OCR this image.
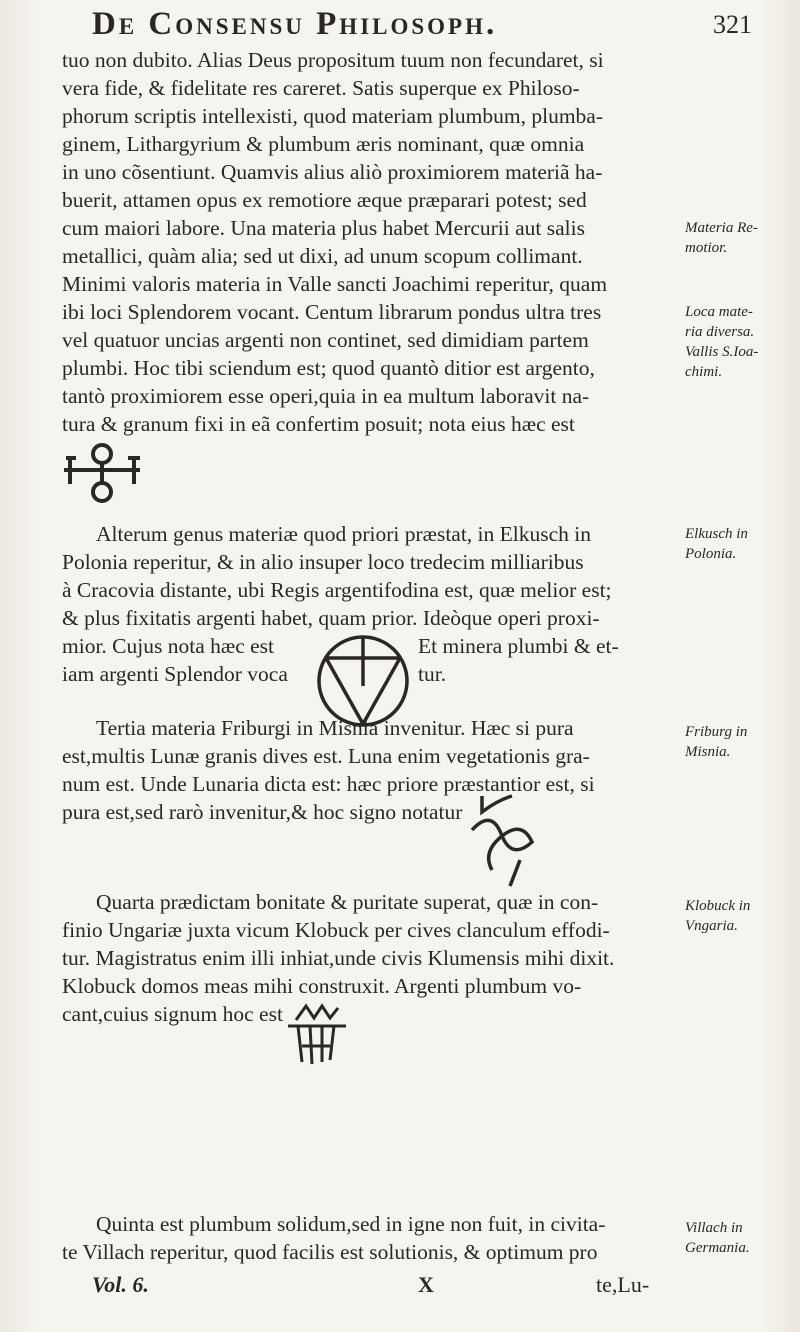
De Consensu Philosoph.	321
tuo non dubito. Alias Deus propositum tuum non fecundaret, si
vera fide, & fidelitate res careret. Satis superque ex Philoso-
phorum scriptis intellexisti, quod materiam plumbum, plumba-
ginem, Lithargyrium & plumbum æris nominant, quæ omnia
in uno cõsentiunt. Quamvis alius aliò proximiorem materiã ha-
buerit, attamen opus ex remotiore æque præparari potest; sed
cum maiori labore. Una materia plus habet Mercurii aut salis
metallici, quàm alia; sed ut dixi, ad unum scopum collimant.
Minimi valoris materia in Valle sancti Joachimi reperitur, quam
ibi loci Splendorem vocant. Centum librarum pondus ultra tres
vel quatuor uncias argenti non continet, sed dimidiam partem
plumbi. Hoc tibi sciendum est; quod quantò ditior est argento,
tantò proximiorem esse operi,quia in ea multum laboravit na-
tura & granum fixi in eã confertim posuit; nota eius hæc est
Materia Re-
motior.
Loca mate-
ria diversa.
Vallis S.Ioa-
chimi.
Alterum genus materiæ quod priori præstat, in Elkusch in
Polonia reperitur, & in alio insuper loco tredecim milliaribus
à Cracovia distante, ubi Regis argentifodina est, quæ melior est;
& plus fixitatis argenti habet, quam prior. Ideòque operi proxi-
mior. Cujus nota hæc est
iam argenti Splendor voca
Et minera plumbi & et-
tur.
Elkusch in
Polonia.
Tertia materia Friburgi in Misnia invenitur. Hæc si pura
est,multis Lunæ granis dives est. Luna enim vegetationis gra-
num est. Unde Lunaria dicta est: hæc priore præstantior est, si
pura est,sed rarò invenitur,& hoc signo notatur
Friburg in
Misnia.
Quarta prædictam bonitate & puritate superat, quæ in con-
finio Ungariæ juxta vicum Klobuck per cives clanculum effodi-
tur. Magistratus enim illi inhiat,unde civis Klumensis mihi dixit.
Klobuck domos meas mihi construxit. Argenti plumbum vo-
cant,cuius signum hoc est
Klobuck in
Vngaria.
Quinta est plumbum solidum,sed in igne non fuit, in civita-
te Villach reperitur, quod facilis est solutionis, & optimum pro
Villach in
Germania.
Vol. 6.	X	te,Lu-
